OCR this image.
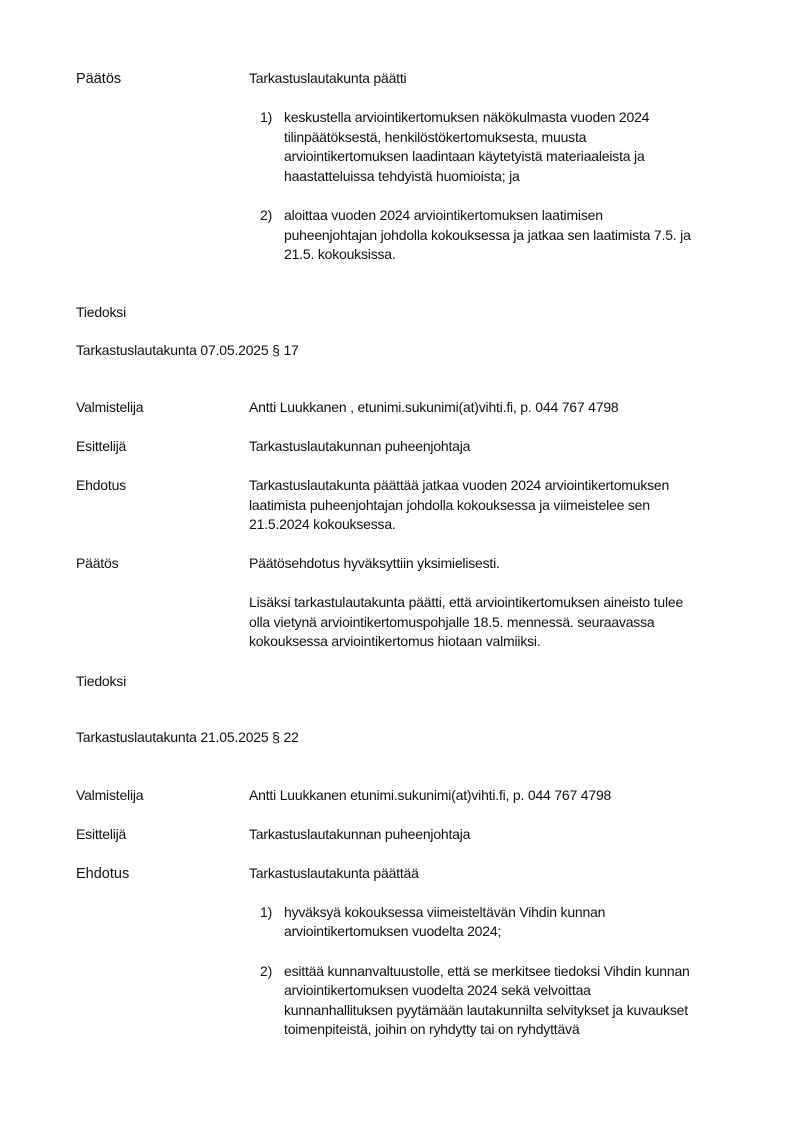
Päätös	Tarkastuslautakunta päätti
1) keskustella arviointikertomuksen näkökulmasta vuoden 2024
tilinpäätöksestä, henkilöstökertomuksesta, muusta
arviointikertomuksen laadintaan käytetyistä materiaaleista ja
haastatteluissa tehdyistä huomioista; ja
2) aloittaa vuoden 2024 arviointikertomuksen laatimisen
puheenjohtajan johdolla kokouksessa ja jatkaa sen laatimista 7.5. ja
21.5. kokouksissa.
Tiedoksi
Tarkastuslautakunta 07.05.2025 § 17
Valmistelija	Antti Luukkanen , etunimi.sukunimi(at)vihti.fi, p. 044 767 4798
Esittelijä	Tarkastuslautakunnan puheenjohtaja
Ehdotus	Tarkastuslautakunta päättää jatkaa vuoden 2024 arviointikertomuksen
laatimista puheenjohtajan johdolla kokouksessa ja viimeistelee sen
21.5.2024 kokouksessa.
Päätös	Päätösehdotus hyväksyttiin yksimielisesti.
Lisäksi tarkastulautakunta päätti, että arviointikertomuksen aineisto tulee
olla vietynä arviointikertomuspohjalle 18.5. mennessä. seuraavassa
kokouksessa arviointikertomus hiotaan valmiiksi.
Tiedoksi
Tarkastuslautakunta 21.05.2025 § 22
Valmistelija	Antti Luukkanen etunimi.sukunimi(at)vihti.fi, p. 044 767 4798
Esittelijä	Tarkastuslautakunnan puheenjohtaja
Ehdotus	Tarkastuslautakunta päättää
1) hyväksyä kokouksessa viimeisteltävän Vihdin kunnan
arviointikertomuksen vuodelta 2024;
2) esittää kunnanvaltuustolle, että se merkitsee tiedoksi Vihdin kunnan
arviointikertomuksen vuodelta 2024 sekä velvoittaa
kunnanhallituksen pyytämään lautakunnilta selvitykset ja kuvaukset
toimenpiteistä, joihin on ryhdytty tai on ryhdyttävä
